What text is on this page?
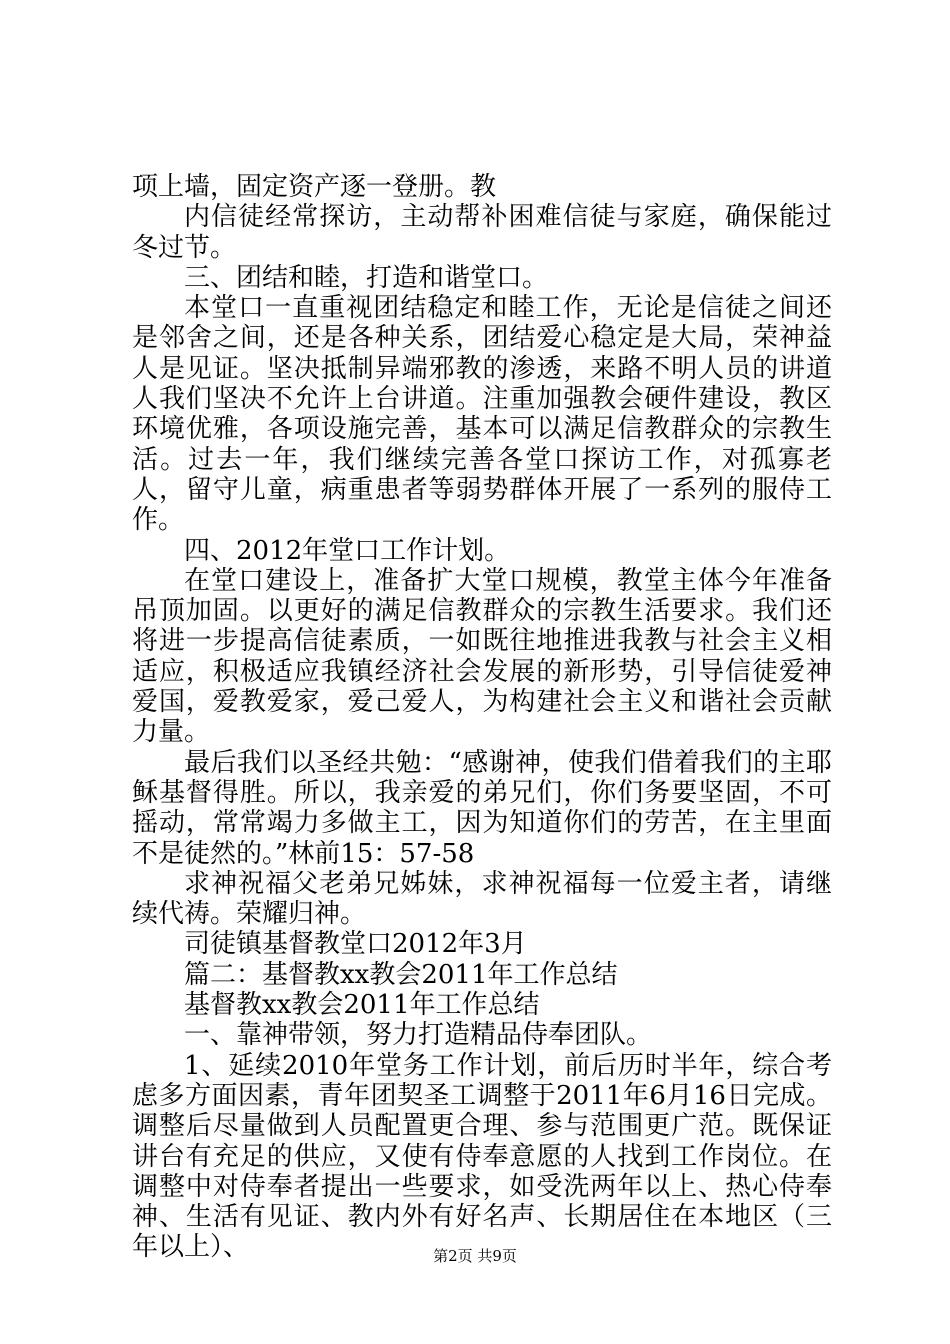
项上墙，固定资产逐一登册。教

内信徒经常探访，主动帮补困难信徒与家庭，确保能过冬过节。

三、团结和睦，打造和谐堂口。

本堂口一直重视团结稳定和睦工作，无论是信徒之间还是邻舍之间，还是各种关系，团结爱心稳定是大局，荣神益人是见证。坚决抵制异端邪教的渗透，来路不明人员的讲道人我们坚决不允许上台讲道。注重加强教会硬件建设，教区环境优雅，各项设施完善，基本可以满足信教群众的宗教生活。过去一年，我们继续完善各堂口探访工作，对孤寡老人，留守儿童，病重患者等弱势群体开展了一系列的服侍工作。

四、2012年堂口工作计划。

在堂口建设上，准备扩大堂口规模，教堂主体今年准备吊顶加固。以更好的满足信教群众的宗教生活要求。我们还将进一步提高信徒素质，一如既往地推进我教与社会主义相适应，积极适应我镇经济社会发展的新形势，引导信徒爱神爱国，爱教爱家，爱己爱人，为构建社会主义和谐社会贡献力量。

最后我们以圣经共勉：“感谢神，使我们借着我们的主耶稣基督得胜。所以，我亲爱的弟兄们，你们务要坚固，不可摇动，常常竭力多做主工，因为知道你们的劳苦，在主里面不是徒然的。”林前15：57-58

求神祝福父老弟兄姊妹，求神祝福每一位爱主者，请继续代祷。荣耀归神。

司徒镇基督教堂口2012年3月

篇二：基督教xx教会2011年工作总结

基督教xx教会2011年工作总结

一、靠神带领，努力打造精品侍奉团队。

1、延续2010年堂务工作计划，前后历时半年，综合考虑多方面因素，青年团契圣工调整于2011年6月16日完成。调整后尽量做到人员配置更合理、参与范围更广范。既保证讲台有充足的供应，又使有侍奉意愿的人找到工作岗位。在调整中对侍奉者提出一些要求，如受洗两年以上、热心侍奉神、生活有见证、教内外有好名声、长期居住在本地区（三年以上）、	第2页 共9页
